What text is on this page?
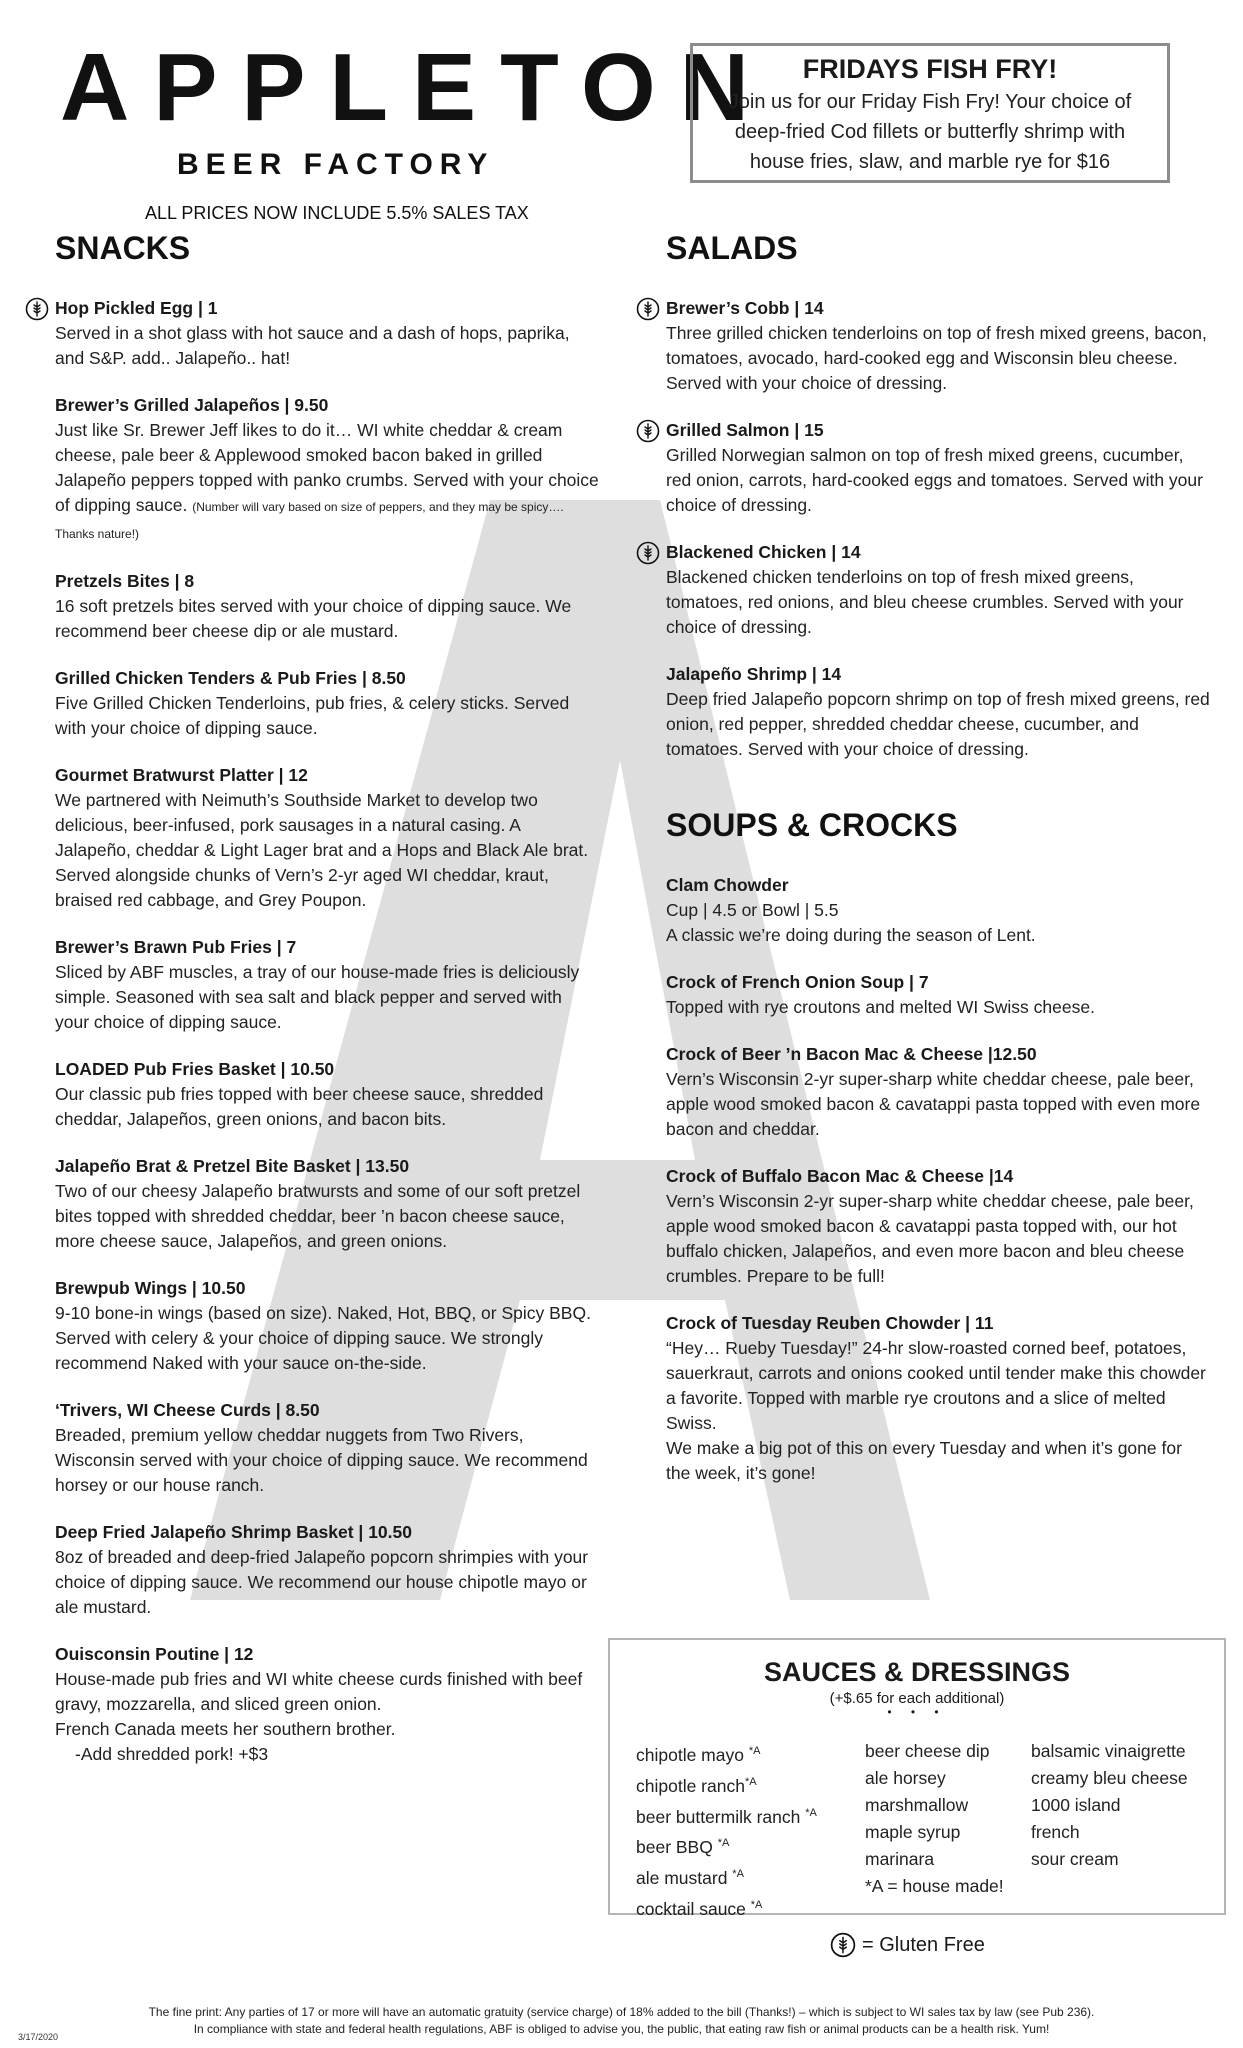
APPLETON
BEER FACTORY
ALL PRICES NOW INCLUDE 5.5% SALES TAX
FRIDAYS FISH FRY!
Join us for our Friday Fish Fry! Your choice of deep-fried Cod fillets or butterfly shrimp with house fries, slaw, and marble rye for $16
SNACKS
Hop Pickled Egg | 1
Served in a shot glass with hot sauce and a dash of hops, paprika, and S&P. add.. Jalapeño.. hat!
Brewer’s Grilled Jalapeños | 9.50
Just like Sr. Brewer Jeff likes to do it… WI white cheddar & cream cheese, pale beer & Applewood smoked bacon baked in grilled Jalapeño peppers topped with panko crumbs. Served with your choice of dipping sauce. (Number will vary based on size of peppers, and they may be spicy…. Thanks nature!)
Pretzels Bites | 8
16 soft pretzels bites served with your choice of dipping sauce. We recommend beer cheese dip or ale mustard.
Grilled Chicken Tenders & Pub Fries | 8.50
Five Grilled Chicken Tenderloins, pub fries, & celery sticks. Served with your choice of dipping sauce.
Gourmet Bratwurst Platter | 12
We partnered with Neimuth’s Southside Market to develop two delicious, beer-infused, pork sausages in a natural casing. A Jalapeño, cheddar & Light Lager brat and a Hops and Black Ale brat. Served alongside chunks of Vern’s 2-yr aged WI cheddar, kraut, braised red cabbage, and Grey Poupon.
Brewer’s Brawn Pub Fries | 7
Sliced by ABF muscles, a tray of our house-made fries is deliciously simple. Seasoned with sea salt and black pepper and served with your choice of dipping sauce.
LOADED Pub Fries Basket | 10.50
Our classic pub fries topped with beer cheese sauce, shredded cheddar, Jalapeños, green onions, and bacon bits.
Jalapeño Brat & Pretzel Bite Basket | 13.50
Two of our cheesy Jalapeño bratwursts and some of our soft pretzel bites topped with shredded cheddar, beer ’n bacon cheese sauce, more cheese sauce, Jalapeños, and green onions.
Brewpub Wings | 10.50
9-10 bone-in wings (based on size). Naked, Hot, BBQ, or Spicy BBQ. Served with celery & your choice of dipping sauce. We strongly recommend Naked with your sauce on-the-side.
‘Trivers, WI Cheese Curds | 8.50
Breaded, premium yellow cheddar nuggets from Two Rivers, Wisconsin served with your choice of dipping sauce. We recommend horsey or our house ranch.
Deep Fried Jalapeño Shrimp Basket | 10.50
8oz of breaded and deep-fried Jalapeño popcorn shrimpies with your choice of dipping sauce. We recommend our house chipotle mayo or ale mustard.
Ouisconsin Poutine | 12
House-made pub fries and WI white cheese curds finished with beef gravy, mozzarella, and sliced green onion.
French Canada meets her southern brother.
-Add shredded pork! +$3
SALADS
Brewer’s Cobb | 14
Three grilled chicken tenderloins on top of fresh mixed greens, bacon, tomatoes, avocado, hard-cooked egg and Wisconsin bleu cheese. Served with your choice of dressing.
Grilled Salmon | 15
Grilled Norwegian salmon on top of fresh mixed greens, cucumber, red onion, carrots, hard-cooked eggs and tomatoes. Served with your choice of dressing.
Blackened Chicken | 14
Blackened chicken tenderloins on top of fresh mixed greens, tomatoes, red onions, and bleu cheese crumbles. Served with your choice of dressing.
Jalapeño Shrimp | 14
Deep fried Jalapeño popcorn shrimp on top of fresh mixed greens, red onion, red pepper, shredded cheddar cheese, cucumber, and tomatoes. Served with your choice of dressing.
SOUPS & CROCKS
Clam Chowder
Cup | 4.5 or Bowl | 5.5
A classic we’re doing during the season of Lent.
Crock of French Onion Soup | 7
Topped with rye croutons and melted WI Swiss cheese.
Crock of Beer ’n Bacon Mac & Cheese |12.50
Vern’s Wisconsin 2-yr super-sharp white cheddar cheese, pale beer, apple wood smoked bacon & cavatappi pasta topped with even more bacon and cheddar.
Crock of Buffalo Bacon Mac & Cheese |14
Vern’s Wisconsin 2-yr super-sharp white cheddar cheese, pale beer, apple wood smoked bacon & cavatappi pasta topped with, our hot buffalo chicken, Jalapeños, and even more bacon and bleu cheese crumbles. Prepare to be full!
Crock of Tuesday Reuben Chowder | 11
“Hey… Rueby Tuesday!” 24-hr slow-roasted corned beef, potatoes, sauerkraut, carrots and onions cooked until tender make this chowder a favorite. Topped with marble rye croutons and a slice of melted Swiss.
We make a big pot of this on every Tuesday and when it’s gone for the week, it’s gone!
SAUCES & DRESSINGS
(+$.65 for each additional)
• • •
chipotle mayo $^{*A}$
chipotle ranch$^{*A}$
beer buttermilk ranch $^{*A}$
beer BBQ $^{*A}$
ale mustard $^{*A}$
cocktail sauce $^{*A}$
beer cheese dip
ale horsey
marshmallow
maple syrup
marinara
*A = house made!
balsamic vinaigrette
creamy bleu cheese
1000 island
french
sour cream
= Gluten Free
The fine print: Any parties of 17 or more will have an automatic gratuity (service charge) of 18% added to the bill (Thanks!) – which is subject to WI sales tax by law (see Pub 236).
In compliance with state and federal health regulations, ABF is obliged to advise you, the public, that eating raw fish or animal products can be a health risk. Yum!
3/17/2020
